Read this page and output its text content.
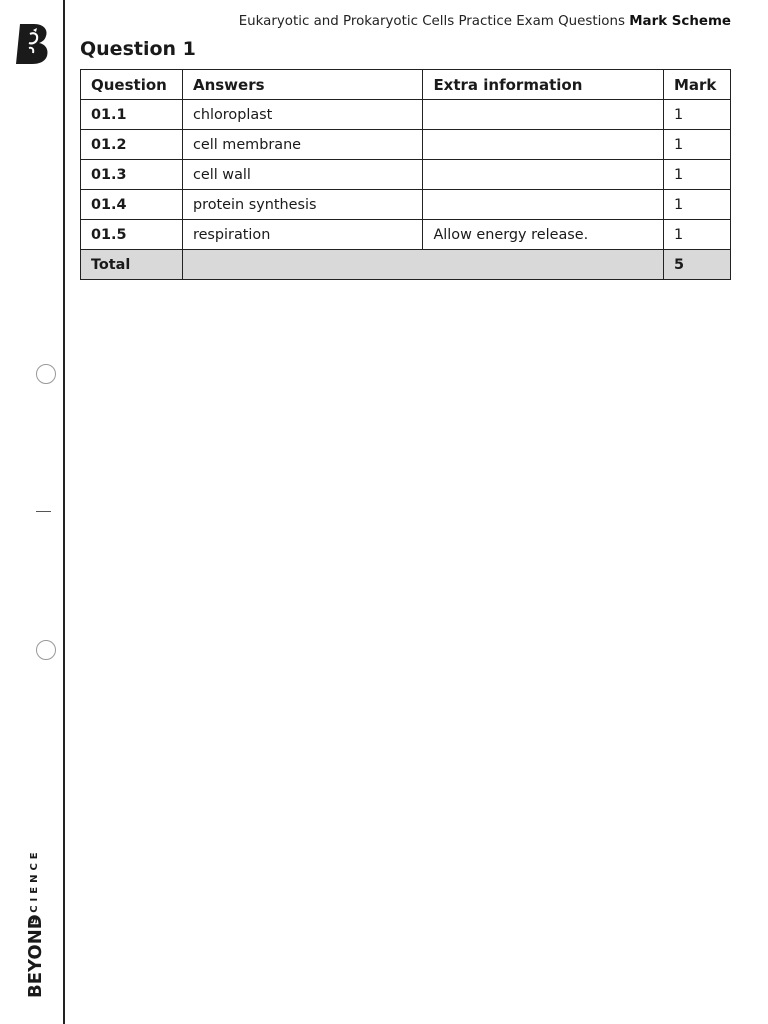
BEYOND
SCIENCE
Eukaryotic and Prokaryotic Cells Practice Exam Questions Mark Scheme
Question 1
Question	Answers	Extra information	Mark
01.1	chloroplast		1
01.2	cell membrane		1
01.3	cell wall		1
01.4	protein synthesis		1
01.5	respiration	Allow energy release.	1
Total			5
